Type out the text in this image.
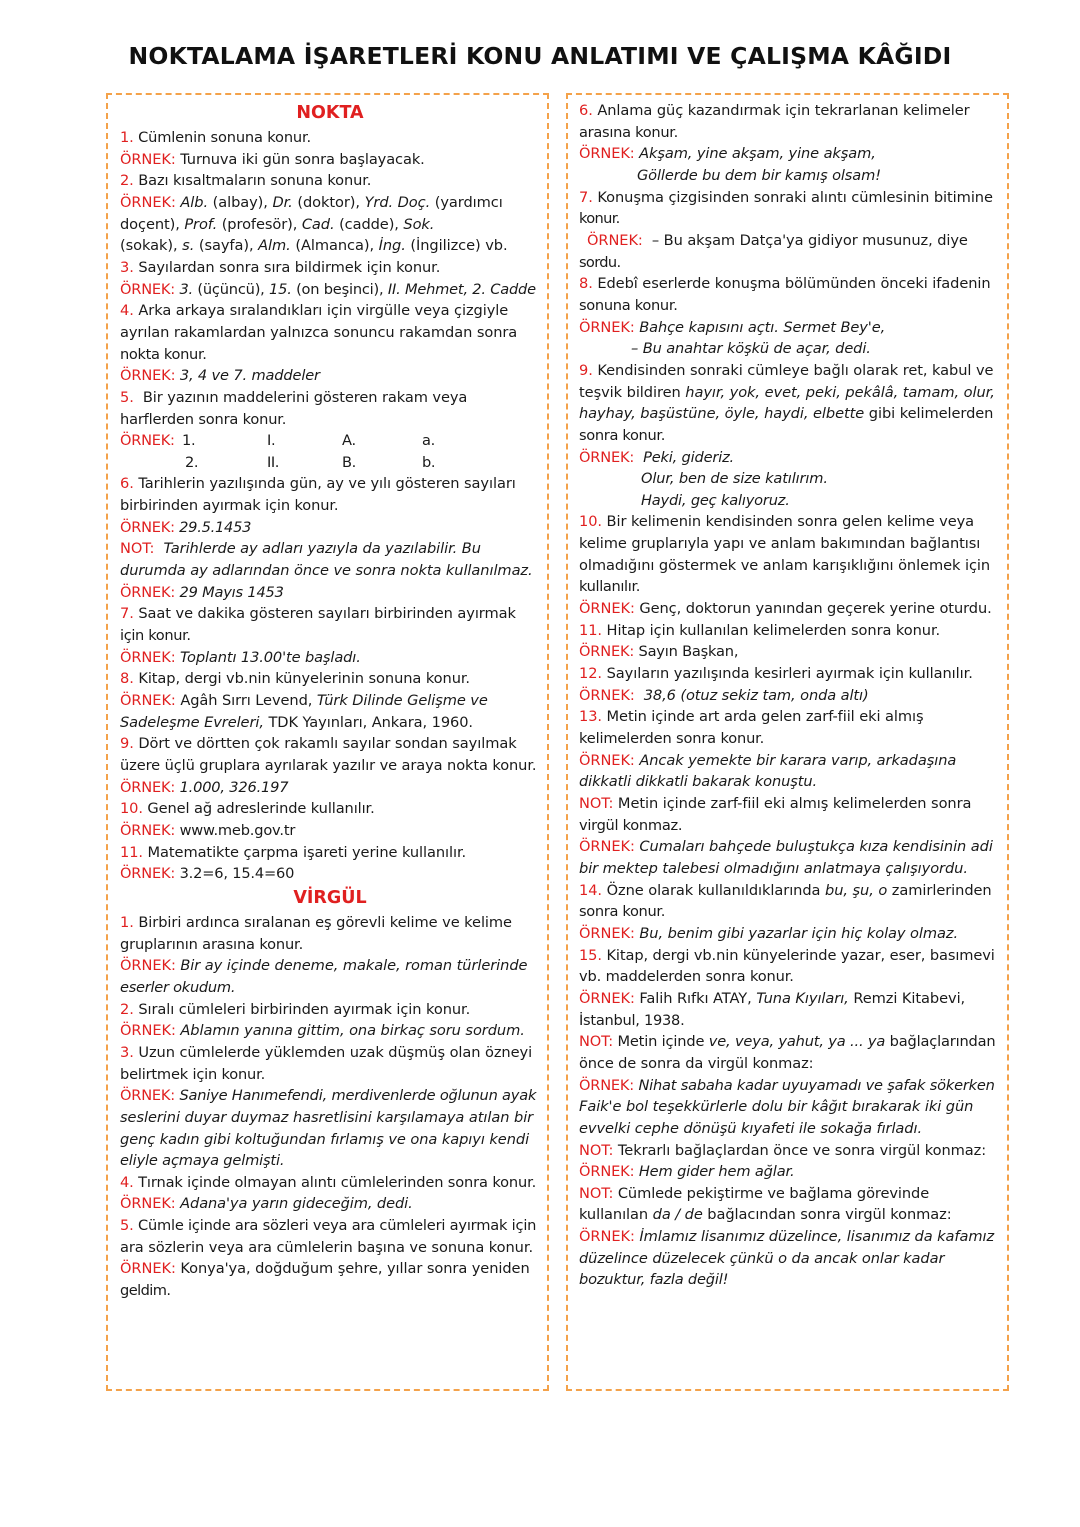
NOKTALAMA İŞARETLERİ KONU ANLATIMI VE ÇALIŞMA KÂĞIDI
NOKTA
1. Cümlenin sonuna konur.
ÖRNEK: Turnuva iki gün sonra başlayacak.
2. Bazı kısaltmaların sonuna konur.
ÖRNEK: Alb. (albay), Dr. (doktor), Yrd. Doç. (yardımcı
doçent), Prof. (profesör), Cad. (cadde), Sok.
(sokak), s. (sayfa), Alm. (Almanca), İng. (İngilizce) vb.
3. Sayılardan sonra sıra bildirmek için konur.
ÖRNEK: 3. (üçüncü), 15. (on beşinci), II. Mehmet, 2. Cadde
4. Arka arkaya sıralandıkları için virgülle veya çizgiyle
ayrılan rakamlardan yalnızca sonuncu rakamdan sonra
nokta konur.
ÖRNEK: 3, 4 ve 7. maddeler
5.  Bir yazının maddelerini gösteren rakam veya
harflerden sonra konur.
ÖRNEK: 1.	I.	A.	a.
2.	II.	B.	b.
6. Tarihlerin yazılışında gün, ay ve yılı gösteren sayıları
birbirinden ayırmak için konur.
ÖRNEK: 29.5.1453
NOT:  Tarihlerde ay adları yazıyla da yazılabilir. Bu
durumda ay adlarından önce ve sonra nokta kullanılmaz.
ÖRNEK: 29 Mayıs 1453
7. Saat ve dakika gösteren sayıları birbirinden ayırmak
için konur.
ÖRNEK: Toplantı 13.00'te başladı.
8. Kitap, dergi vb.nin künyelerinin sonuna konur.
ÖRNEK: Agâh Sırrı Levend, Türk Dilinde Gelişme ve
Sadeleşme Evreleri, TDK Yayınları, Ankara, 1960.
9. Dört ve dörtten çok rakamlı sayılar sondan sayılmak
üzere üçlü gruplara ayrılarak yazılır ve araya nokta konur.
ÖRNEK: 1.000, 326.197
10. Genel ağ adreslerinde kullanılır.
ÖRNEK: www.meb.gov.tr
11. Matematikte çarpma işareti yerine kullanılır.
ÖRNEK: 3.2=6, 15.4=60
VİRGÜL
1. Birbiri ardınca sıralanan eş görevli kelime ve kelime
gruplarının arasına konur.
ÖRNEK: Bir ay içinde deneme, makale, roman türlerinde
eserler okudum.
2. Sıralı cümleleri birbirinden ayırmak için konur.
ÖRNEK: Ablamın yanına gittim, ona birkaç soru sordum.
3. Uzun cümlelerde yüklemden uzak düşmüş olan özneyi
belirtmek için konur.
ÖRNEK: Saniye Hanımefendi, merdivenlerde oğlunun ayak
seslerini duyar duymaz hasretlisini karşılamaya atılan bir
genç kadın gibi koltuğundan fırlamış ve ona kapıyı kendi
eliyle açmaya gelmişti.
4. Tırnak içinde olmayan alıntı cümlelerinden sonra konur.
ÖRNEK: Adana'ya yarın gideceğim, dedi.
5. Cümle içinde ara sözleri veya ara cümleleri ayırmak için
ara sözlerin veya ara cümlelerin başına ve sonuna konur.
ÖRNEK: Konya'ya, doğduğum şehre, yıllar sonra yeniden
geldim.
6. Anlama güç kazandırmak için tekrarlanan kelimeler
arasına konur.
ÖRNEK: Akşam, yine akşam, yine akşam,
Göllerde bu dem bir kamış olsam!
7. Konuşma çizgisinden sonraki alıntı cümlesinin bitimine
konur.
ÖRNEK:  – Bu akşam Datça'ya gidiyor musunuz, diye
sordu.
8. Edebî eserlerde konuşma bölümünden önceki ifadenin
sonuna konur.
ÖRNEK: Bahçe kapısını açtı. Sermet Bey'e,
– Bu anahtar köşkü de açar, dedi.
9. Kendisinden sonraki cümleye bağlı olarak ret, kabul ve
teşvik bildiren hayır, yok, evet, peki, pekâlâ, tamam, olur,
hayhay, başüstüne, öyle, haydi, elbette gibi kelimelerden
sonra konur.
ÖRNEK:  Peki, gideriz.
Olur, ben de size katılırım.
Haydi, geç kalıyoruz.
10. Bir kelimenin kendisinden sonra gelen kelime veya
kelime gruplarıyla yapı ve anlam bakımından bağlantısı
olmadığını göstermek ve anlam karışıklığını önlemek için
kullanılır.
ÖRNEK: Genç, doktorun yanından geçerek yerine oturdu.
11. Hitap için kullanılan kelimelerden sonra konur.
ÖRNEK: Sayın Başkan,
12. Sayıların yazılışında kesirleri ayırmak için kullanılır.
ÖRNEK:  38,6 (otuz sekiz tam, onda altı)
13. Metin içinde art arda gelen zarf-fiil eki almış
kelimelerden sonra konur.
ÖRNEK: Ancak yemekte bir karara varıp, arkadaşına
dikkatli dikkatli bakarak konuştu.
NOT: Metin içinde zarf-fiil eki almış kelimelerden sonra
virgül konmaz.
ÖRNEK: Cumaları bahçede buluştukça kıza kendisinin adi
bir mektep talebesi olmadığını anlatmaya çalışıyordu.
14. Özne olarak kullanıldıklarında bu, şu, o zamirlerinden
sonra konur.
ÖRNEK: Bu, benim gibi yazarlar için hiç kolay olmaz.
15. Kitap, dergi vb.nin künyelerinde yazar, eser, basımevi
vb. maddelerden sonra konur.
ÖRNEK: Falih Rıfkı ATAY, Tuna Kıyıları, Remzi Kitabevi,
İstanbul, 1938.
NOT: Metin içinde ve, veya, yahut, ya ... ya bağlaçlarından
önce de sonra da virgül konmaz:
ÖRNEK: Nihat sabaha kadar uyuyamadı ve şafak sökerken
Faik'e bol teşekkürlerle dolu bir kâğıt bırakarak iki gün
evvelki cephe dönüşü kıyafeti ile sokağa fırladı.
NOT: Tekrarlı bağlaçlardan önce ve sonra virgül konmaz:
ÖRNEK: Hem gider hem ağlar.
NOT: Cümlede pekiştirme ve bağlama görevinde
kullanılan da / de bağlacından sonra virgül konmaz:
ÖRNEK: İmlamız lisanımız düzelince, lisanımız da kafamız
düzelince düzelecek çünkü o da ancak onlar kadar
bozuktur, fazla değil!
